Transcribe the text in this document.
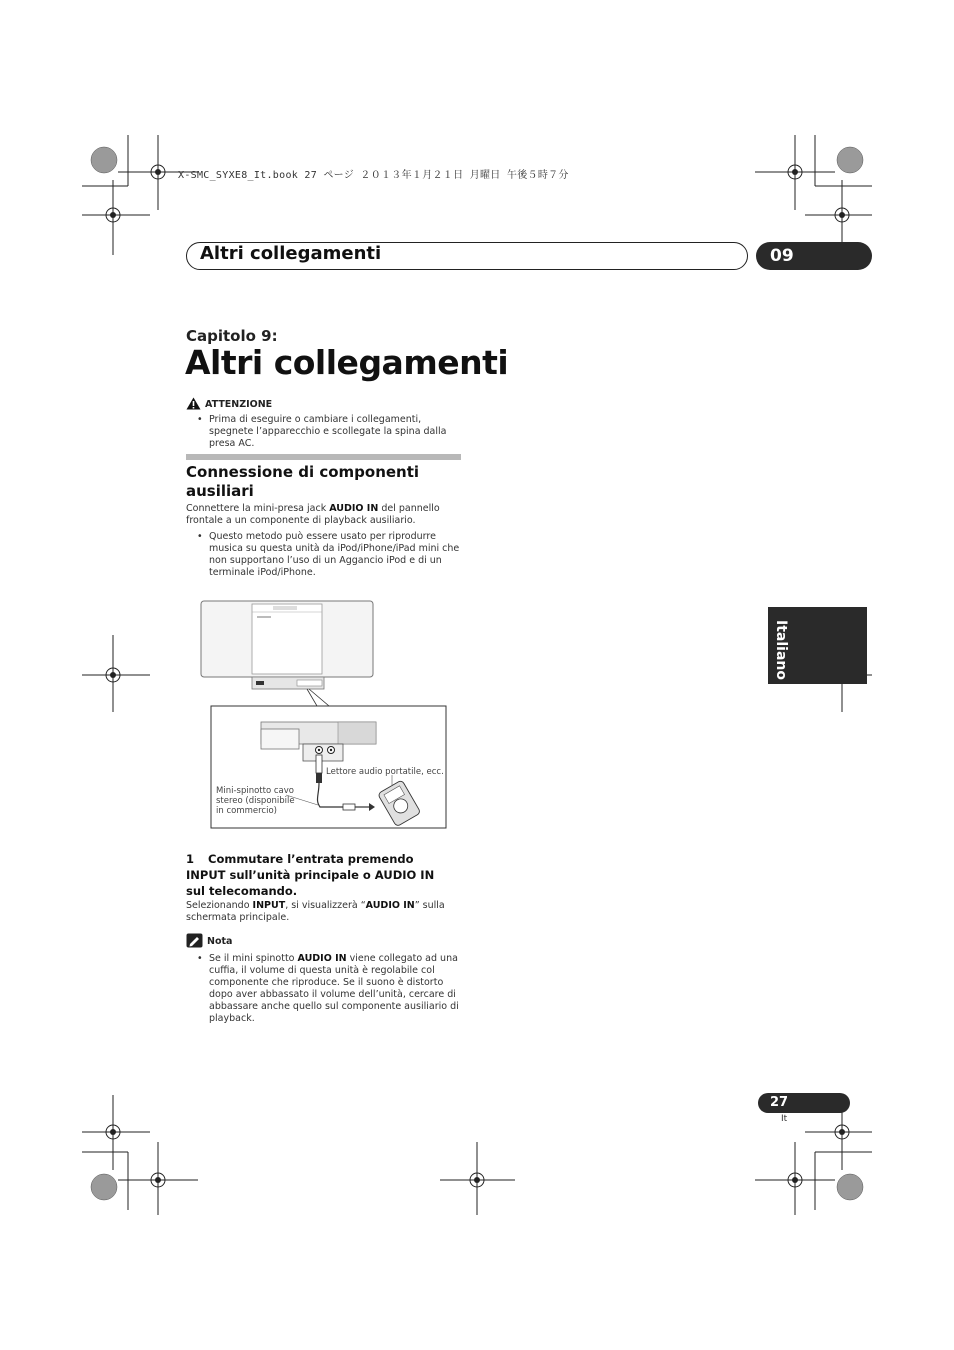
X-SMC_SYXE8_It.book 27 ページ ２０１３年１月２１日 月曜日 午後５時７分
Altri collegamenti	09
Capitolo 9:
Altri collegamenti
ATTENZIONE
• Prima di eseguire o cambiare i collegamenti, spegnete l’apparecchio e scollegate la spina dalla presa AC.
Connessione di componenti ausiliari
Connettere la mini-presa jack AUDIO IN del pannello frontale a un componente di playback ausiliario.
• Questo metodo può essere usato per riprodurre musica su questa unità da iPod/iPhone/iPad mini che non supportano l’uso di un Aggancio iPod e di un terminale iPod/iPhone.
Lettore audio portatile, ecc.
Mini-spinotto cavo stereo (disponibile in commercio)
1 Commutare l’entrata premendo INPUT sull’unità principale o AUDIO IN sul telecomando.
Selezionando INPUT, si visualizzerà “AUDIO IN” sulla schermata principale.
Nota
• Se il mini spinotto AUDIO IN viene collegato ad una cuffia, il volume di questa unità è regolabile col componente che riproduce. Se il suono è distorto dopo aver abbassato il volume dell’unità, cercare di abbassare anche quello sul componente ausiliario di playback.
Italiano
27
It
